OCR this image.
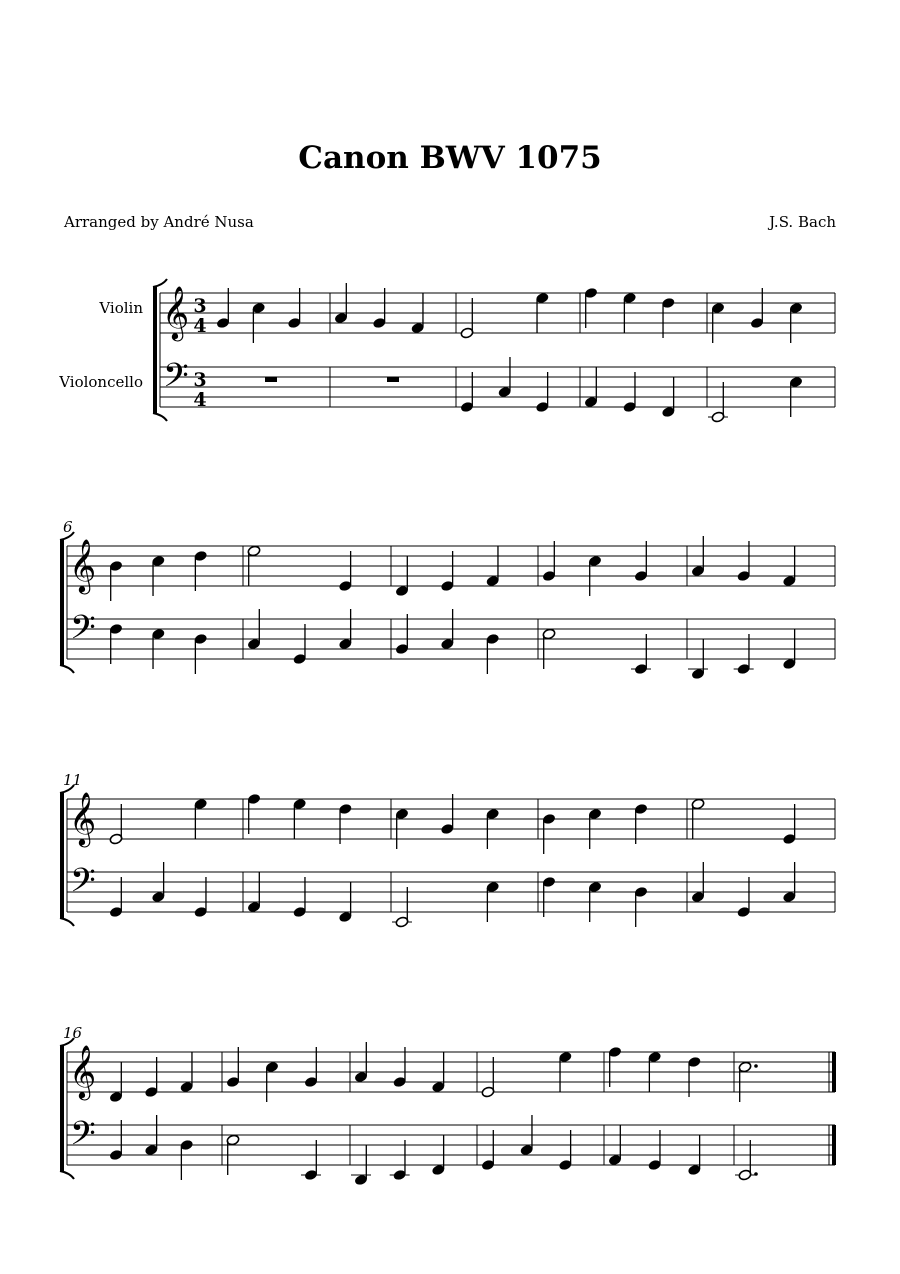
Canon BWV 1075
Arranged by André Nusa	J.S. Bach
𝄞
𝄢
3
4
3
4
Violin
Violoncello
𝄞
𝄢
6
𝄞
𝄢
11
𝄞
𝄢
16
